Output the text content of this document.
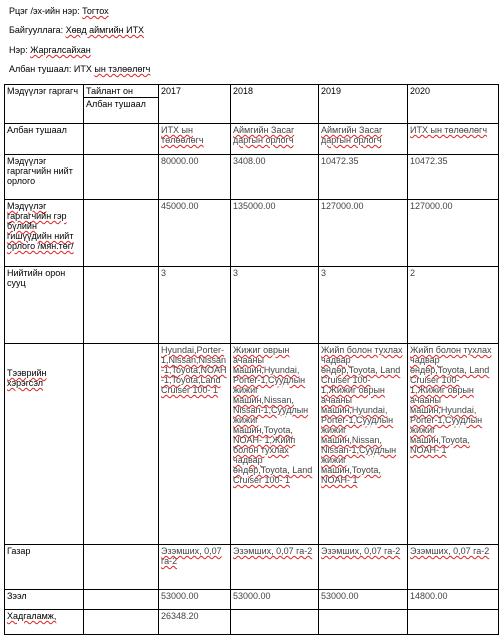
Рцэг /эх-ийн нэр: Тогтох
Байгууллага: Хөвд аймгийн ИТХ
Нэр: Жаргалсайхан
Албан тушаал: ИТХ ын тэлөөлөгч
Мэдүүлэг гаргагч	Тайлант он	2017	2018	2019	2020
	Албан тушаал				
Албан тушаал		ИТХ ын төлөөлөгч	Аймгийн Засаг даргын орлогч	Аймгийн Засаг даргын орлогч	ИТХ ын төлөөлөгч
Мэдүүлэг гаргагчийн нийт орлого		80000.00	3408.00	10472.35	10472.35
Мэдүүлэг гаргагчийн гэр бүлийн гишүүдийн нийт орлого /мян.төг/		45000.00	135000.00	127000.00	127000.00
Нийтийн орон сууц		3	3	3	2
Тээврийн хэрэгсэл		Hyundai,Porter-1,Nissan,Nissan-1,Toyota,NOAH-1,Toyota,Land Cruiser 100- 1	Жижиг оврын ачааны машин,Hyundai, Porter-1,Суудлын жижиг машин,Nissan, Nissan-1,Суудлын жижиг машин,Toyota, NOAH- 1,Жийп болон тухлах чадвар өндөр,Toyota, Land Cruiser 100- 1	Жийп болон тухлах чадвар өндөр,Toyota, Land Cruiser 100-1,Жижиг оврын ачааны машин,Hyundai, Porter-1,Суудлын жижиг машин,Nissan, Nissan-1,Суудлын жижиг машин,Toyota, NOAH- 1	Жийп болон тухлах чадвар өндөр,Toyota, Land Cruiser 100- 1,Жижиг оврын ачааны машин,Hyundai, Porter-1,Суудлын жижиг машин,Toyota, NOAH- 1
Газар		Эзэмших, 0,07 га-2	Эзэмших, 0,07 га-2	Эзэмших, 0,07 га-2	Эзэмших, 0,07 га-2
Зээл		53000.00	53000.00	53000.00	14800.00
Хадгаламж,		26348.20			
